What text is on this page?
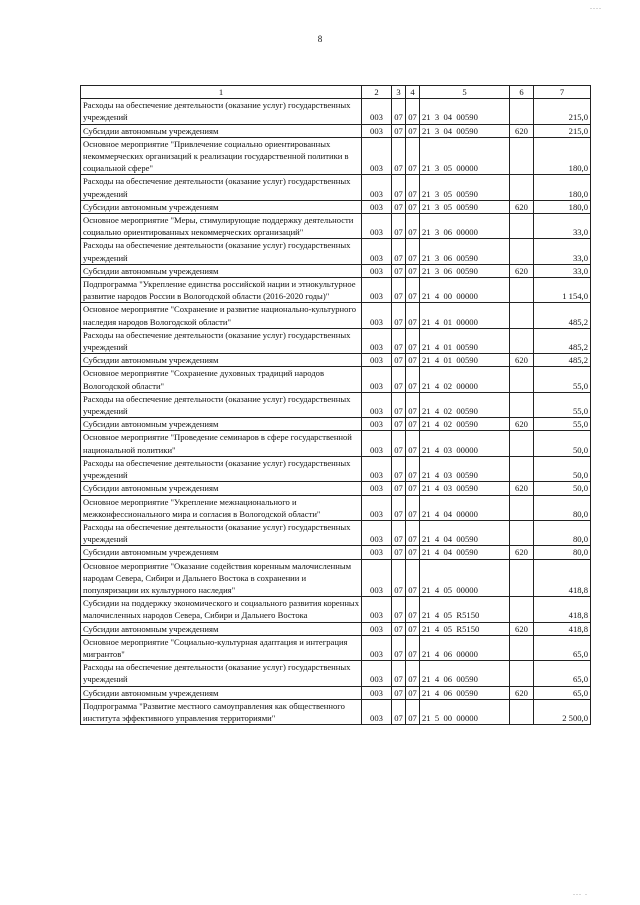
....
8
1	2	3	4	5	6	7
Расходы на обеспечение деятельности (оказание услуг) государственных учреждений	003	07	07	21  3  04  00590		215,0
Субсидии автономным учреждениям	003	07	07	21  3  04  00590	620	215,0
Основное мероприятие "Привлечение социально ориентированных некоммерческих организаций к реализации государственной политики в социальной сфере"	003	07	07	21  3  05  00000		180,0
Расходы на обеспечение деятельности (оказание услуг) государственных учреждений	003	07	07	21  3  05  00590		180,0
Субсидии автономным учреждениям	003	07	07	21  3  05  00590	620	180,0
Основное мероприятие "Меры, стимулирующие поддержку деятельности социально ориентированных некоммерческих организаций"	003	07	07	21  3  06  00000		33,0
Расходы на обеспечение деятельности (оказание услуг) государственных учреждений	003	07	07	21  3  06  00590		33,0
Субсидии автономным учреждениям	003	07	07	21  3  06  00590	620	33,0
Подпрограмма "Укрепление единства российской нации и этнокультурное развитие народов России в Вологодской области (2016-2020 годы)"	003	07	07	21  4  00  00000		1 154,0
Основное мероприятие "Сохранение и развитие национально-культурного наследия народов Вологодской области"	003	07	07	21  4  01  00000		485,2
Расходы на обеспечение деятельности (оказание услуг) государственных учреждений	003	07	07	21  4  01  00590		485,2
Субсидии автономным учреждениям	003	07	07	21  4  01  00590	620	485,2
Основное мероприятие "Сохранение духовных традиций народов Вологодской области"	003	07	07	21  4  02  00000		55,0
Расходы на обеспечение деятельности (оказание услуг) государственных учреждений	003	07	07	21  4  02  00590		55,0
Субсидии автономным учреждениям	003	07	07	21  4  02  00590	620	55,0
Основное мероприятие "Проведение семинаров в сфере государственной национальной политики"	003	07	07	21  4  03  00000		50,0
Расходы на обеспечение деятельности (оказание услуг) государственных учреждений	003	07	07	21  4  03  00590		50,0
Субсидии автономным учреждениям	003	07	07	21  4  03  00590	620	50,0
Основное мероприятие "Укрепление межнационального и межконфессионального мира и согласия в Вологодской области"	003	07	07	21  4  04  00000		80,0
Расходы на обеспечение деятельности (оказание услуг) государственных учреждений	003	07	07	21  4  04  00590		80,0
Субсидии автономным учреждениям	003	07	07	21  4  04  00590	620	80,0
Основное мероприятие "Оказание содействия коренным малочисленным народам Севера, Сибири и Дальнего Востока в сохранении и популяризации их культурного наследия"	003	07	07	21  4  05  00000		418,8
Субсидии на поддержку экономического и социального развития коренных малочисленных народов Севера, Сибири и Дальнего Востока	003	07	07	21  4  05  R5150		418,8
Субсидии автономным учреждениям	003	07	07	21  4  05  R5150	620	418,8
Основное мероприятие "Социально-культурная адаптация и интеграция мигрантов"	003	07	07	21  4  06  00000		65,0
Расходы на обеспечение деятельности (оказание услуг) государственных учреждений	003	07	07	21  4  06  00590		65,0
Субсидии автономным учреждениям	003	07	07	21  4  06  00590	620	65,0
Подпрограмма "Развитие местного самоуправления как общественного института эффективного управления территориями"	003	07	07	21  5  00  00000		2 500,0
... .
